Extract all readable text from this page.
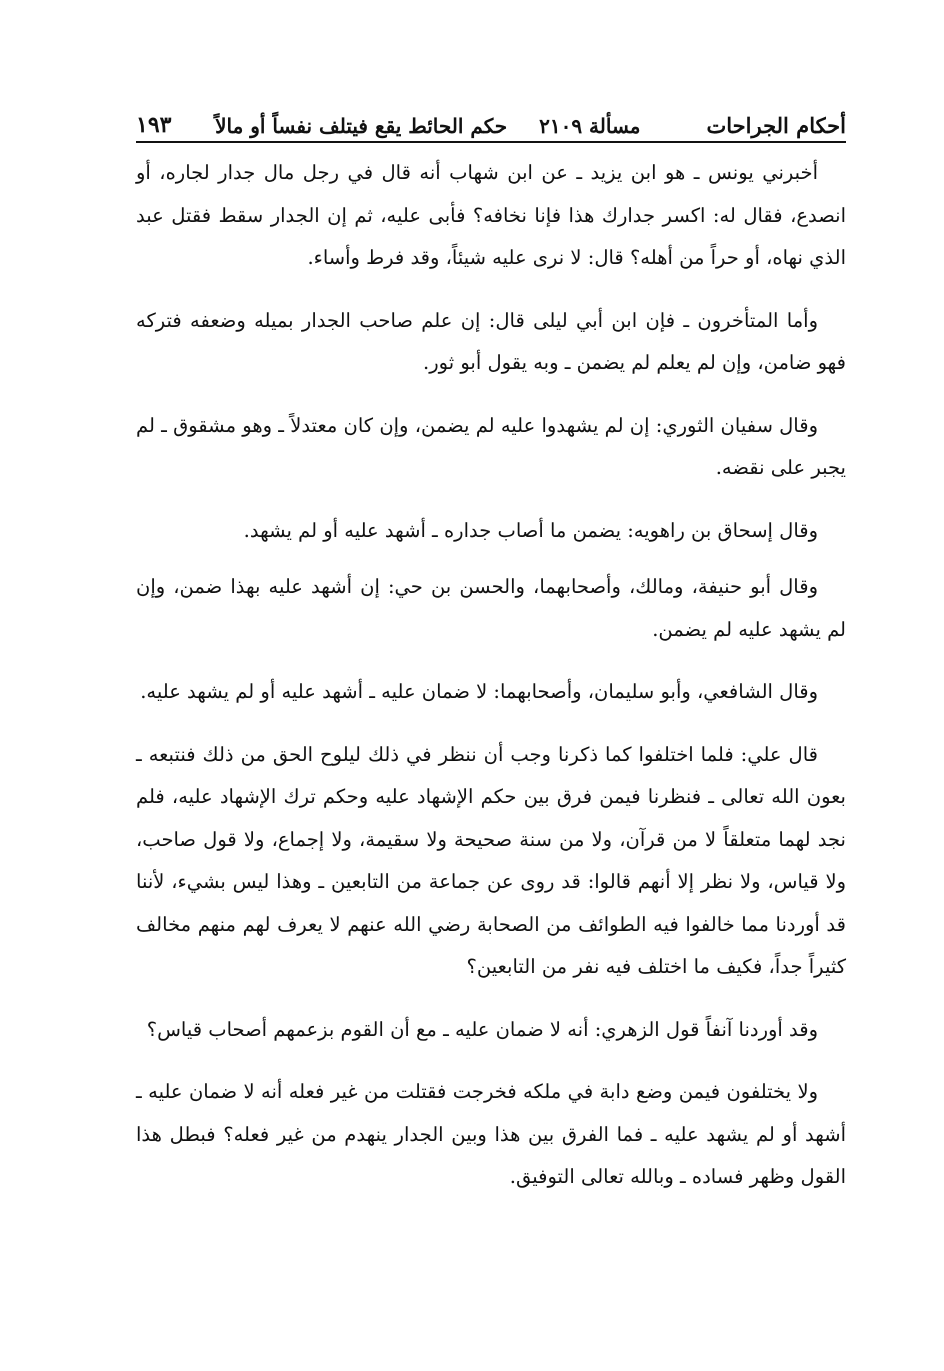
أحكام الجراحات
مسألة ٢١٠٩
حكم الحائط يقع فيتلف نفساً أو مالاً
١٩٣

أخبرني يونس ـ هو ابن يزيد ـ عن ابن شهاب أنه قال في رجل مال جدار لجاره، أو انصدع، فقال له: اكسر جدارك هذا فإنا نخافه؟ فأبى عليه، ثم إن الجدار سقط فقتل عبد الذي نهاه، أو حراً من أهله؟ قال: لا نرى عليه شيئاً، وقد فرط وأساء.

وأما المتأخرون ـ فإن ابن أبي ليلى قال: إن علم صاحب الجدار بميله وضعفه فتركه فهو ضامن، وإن لم يعلم لم يضمن ـ وبه يقول أبو ثور.

وقال سفيان الثوري: إن لم يشهدوا عليه لم يضمن، وإن كان معتدلاً ـ وهو مشقوق ـ لم يجبر على نقضه.

وقال إسحاق بن راهويه: يضمن ما أصاب جداره ـ أشهد عليه أو لم يشهد.

وقال أبو حنيفة، ومالك، وأصحابهما، والحسن بن حي: إن أشهد عليه بهذا ضمن، وإن لم يشهد عليه لم يضمن.

وقال الشافعي، وأبو سليمان، وأصحابهما: لا ضمان عليه ـ أشهد عليه أو لم يشهد عليه.

قال علي: فلما اختلفوا كما ذكرنا وجب أن ننظر في ذلك ليلوح الحق من ذلك فنتبعه ـ بعون الله تعالى ـ فنظرنا فيمن فرق بين حكم الإشهاد عليه وحكم ترك الإشهاد عليه، فلم نجد لهما متعلقاً لا من قرآن، ولا من سنة صحيحة ولا سقيمة، ولا إجماع، ولا قول صاحب، ولا قياس، ولا نظر إلا أنهم قالوا: قد روى عن جماعة من التابعين ـ وهذا ليس بشيء، لأننا قد أوردنا مما خالفوا فيه الطوائف من الصحابة رضي الله عنهم لا يعرف لهم منهم مخالف كثيراً جداً، فكيف ما اختلف فيه نفر من التابعين؟

وقد أوردنا آنفاً قول الزهري: أنه لا ضمان عليه ـ مع أن القوم بزعمهم أصحاب قياس؟

ولا يختلفون فيمن وضع دابة في ملكه فخرجت فقتلت من غير فعله أنه لا ضمان عليه ـ أشهد أو لم يشهد عليه ـ فما الفرق بين هذا وبين الجدار ينهدم من غير فعله؟ فبطل هذا القول وظهر فساده ـ وبالله تعالى التوفيق.
